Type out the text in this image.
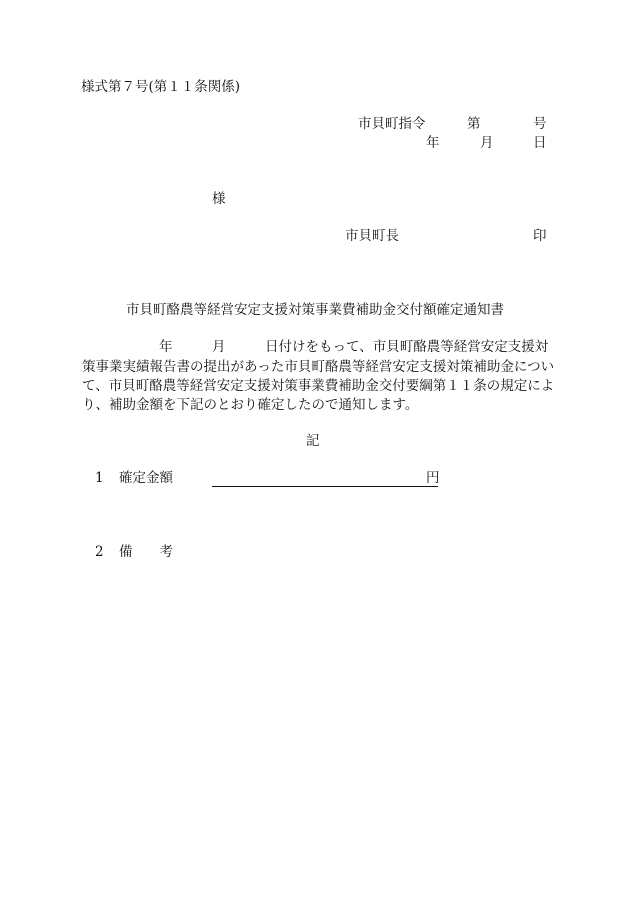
様式第７号(第１１条関係)
市貝町指令	第	号
年	月	日
様
市貝町長	印
市貝町酪農等経営安定支援対策事業費補助金交付額確定通知書
年	月	日付けをもって、市貝町酪農等経営安定支援対
策事業実績報告書の提出があった市貝町酪農等経営安定支援対策補助金につい
て、市貝町酪農等経営安定支援対策事業費補助金交付要綱第１１条の規定によ
り、補助金額を下記のとおり確定したので通知します。
記
1 確定金額	円
2 備　　考
